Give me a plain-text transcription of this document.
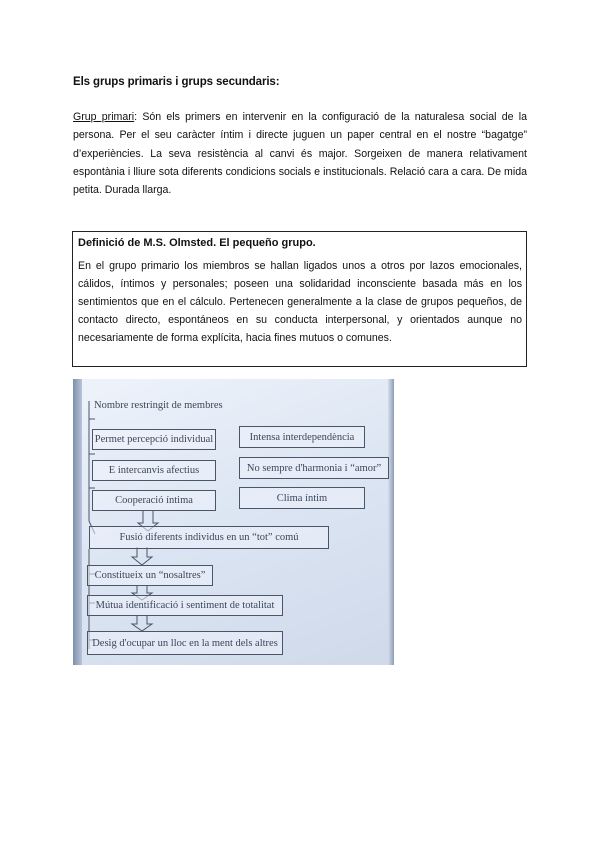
Els grups primaris i grups secundaris:
Grup primari: Són els primers en intervenir en la configuració de la naturalesa social de la persona. Per el seu caràcter íntim i directe juguen un paper central en el nostre “bagatge” d’experiències. La seva resistència al canvi és major. Sorgeixen de manera relativament espontània i lliure sota diferents condicions socials e institucionals. Relació cara a cara. De mida petita. Durada llarga.
Definició de M.S. Olmsted. El pequeño grupo.
En el grupo primario los miembros se hallan ligados unos a otros por lazos emocionales, cálidos, íntimos y personales; poseen una solidaridad inconsciente basada más en los sentimientos que en el cálculo. Pertenecen generalmente a la clase de grupos pequeños, de contacto directo, espontáneos en su conducta interpersonal, y orientados aunque no necesariamente de forma explícita, hacia fines mutuos o comunes.
Nombre restringit de membres
Permet percepció individual
E intercanvis afectius
Cooperació íntima
Intensa interdependència
No sempre d'harmonia i “amor”
Clima íntim
Fusió diferents individus en un “tot” comú
Constitueix un “nosaltres”
Mútua identificació i sentiment de totalitat
Desig d'ocupar un lloc en la ment dels altres
